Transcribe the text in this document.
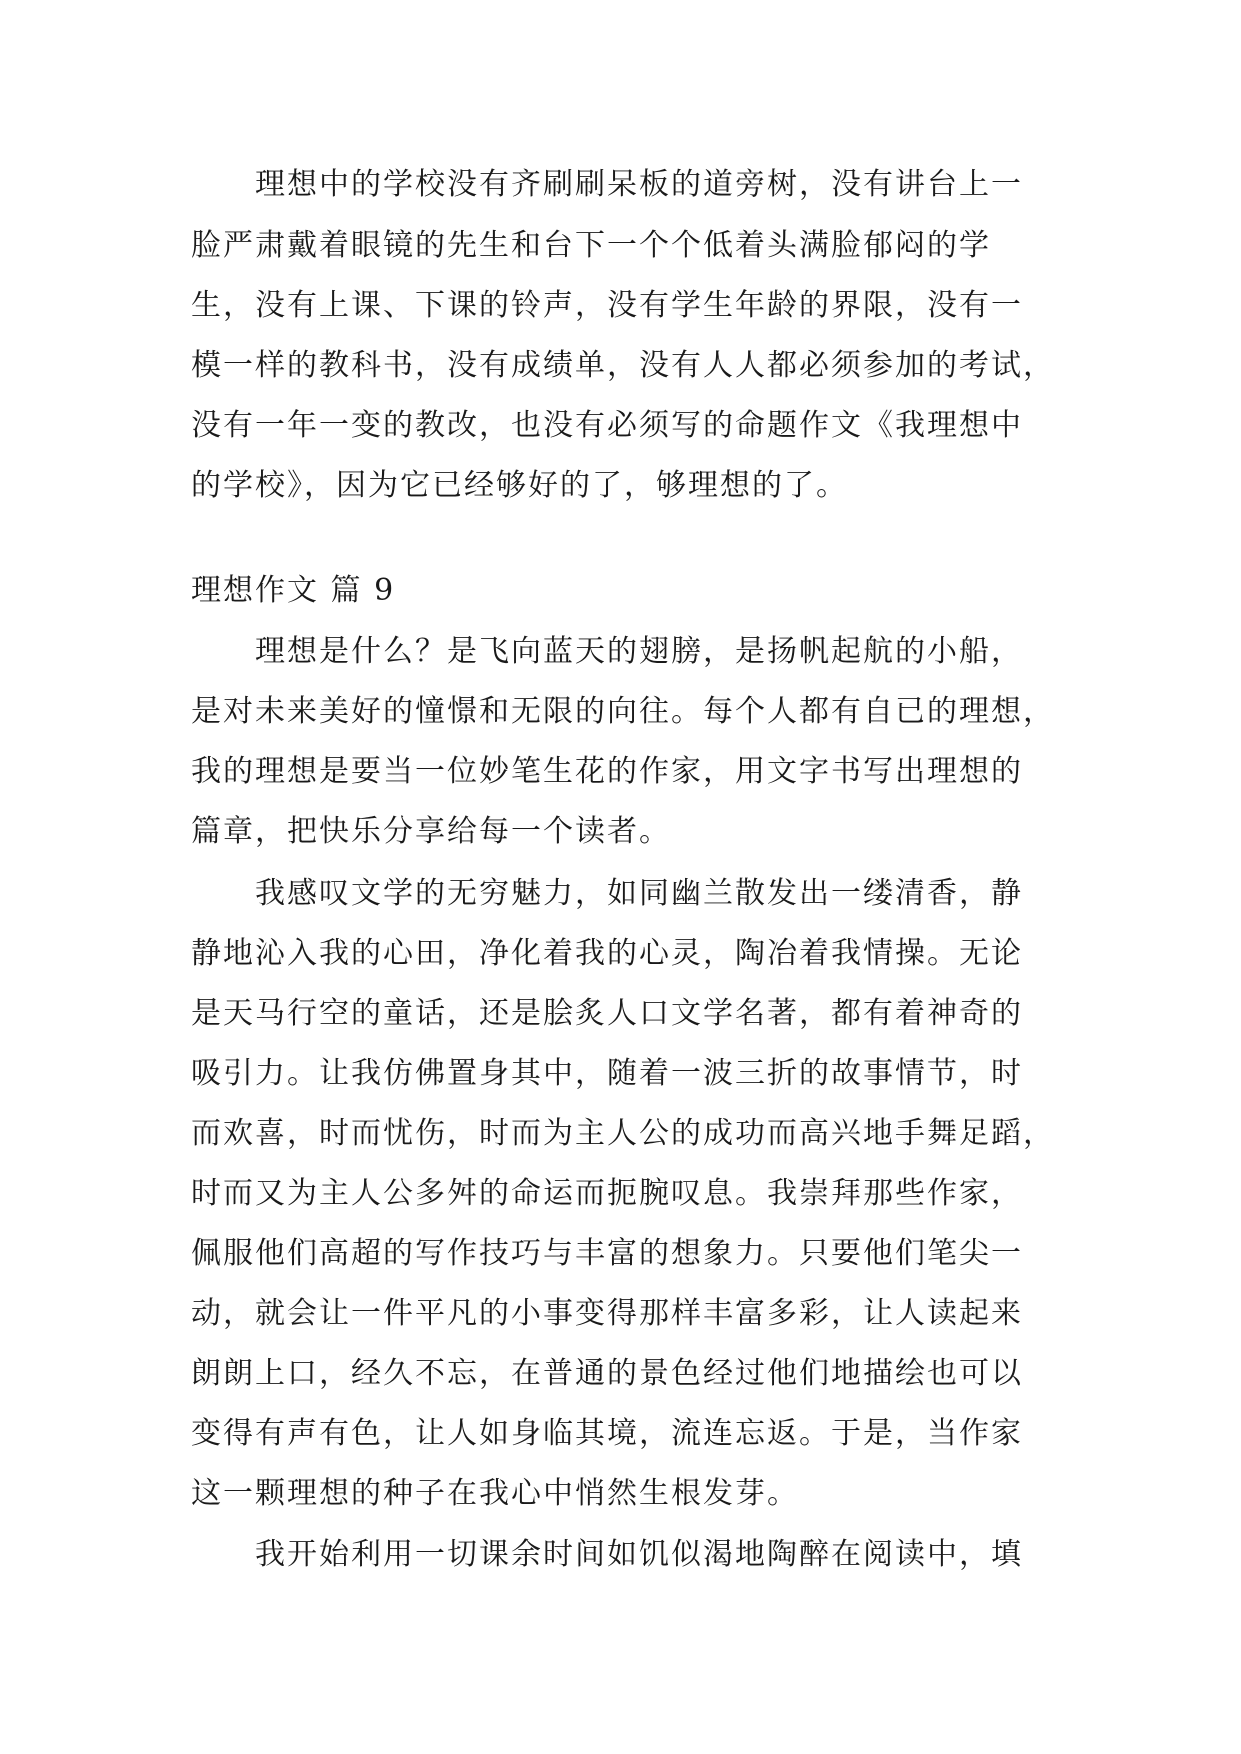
理想中的学校没有齐刷刷呆板的道旁树，没有讲台上一
脸严肃戴着眼镜的先生和台下一个个低着头满脸郁闷的学
生，没有上课、下课的铃声，没有学生年龄的界限，没有一
模一样的教科书，没有成绩单，没有人人都必须参加的考试，
没有一年一变的教改，也没有必须写的命题作文《我理想中
的学校》，因为它已经够好的了，够理想的了。
理想作文 篇 9
理想是什么？是飞向蓝天的翅膀，是扬帆起航的小船，
是对未来美好的憧憬和无限的向往。每个人都有自已的理想，
我的理想是要当一位妙笔生花的作家，用文字书写出理想的
篇章，把快乐分享给每一个读者。
我感叹文学的无穷魅力，如同幽兰散发出一缕清香，静
静地沁入我的心田，净化着我的心灵，陶冶着我情操。无论
是天马行空的童话，还是脍炙人口文学名著，都有着神奇的
吸引力。让我仿佛置身其中，随着一波三折的故事情节，时
而欢喜，时而忧伤，时而为主人公的成功而高兴地手舞足蹈，
时而又为主人公多舛的命运而扼腕叹息。我崇拜那些作家，
佩服他们高超的写作技巧与丰富的想象力。只要他们笔尖一
动，就会让一件平凡的小事变得那样丰富多彩，让人读起来
朗朗上口，经久不忘，在普通的景色经过他们地描绘也可以
变得有声有色，让人如身临其境，流连忘返。于是，当作家
这一颗理想的种子在我心中悄然生根发芽。
我开始利用一切课余时间如饥似渴地陶醉在阅读中，填
